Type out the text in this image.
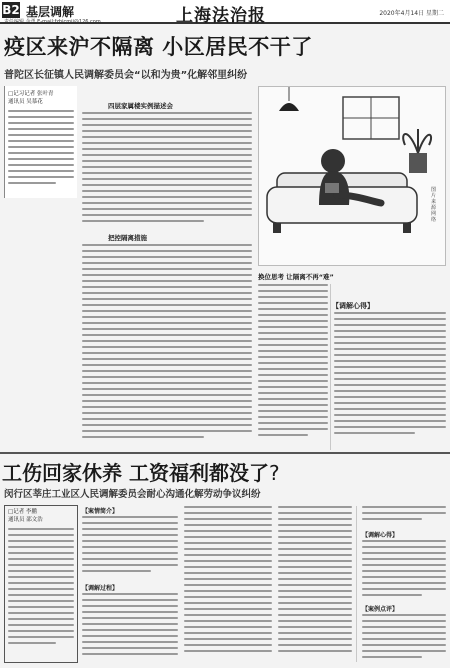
B2 基层调解
责任编辑 金勇 E-mail:fzbjcmjj@126.com	上海法治报	2020年4月14日 星期二
疫区来沪不隔离 小区居民不干了
普陀区长征镇人民调解委员会“以和为贵”化解邻里纠纷
□记习记者 张叶青
通讯员 吴慕花	四层家属楼实例描述会
把控隔离措施
图片来源网络
换位思考 让隔离不再“难”
【调解心得】
工伤回家休养 工资福利都没了?
闵行区莘庄工业区人民调解委员会耐心沟通化解劳动争议纠纷
□记者 李鹏
通讯员 邵文浩
【案情简介】
【调解过程】
【调解心得】
【案例点评】
